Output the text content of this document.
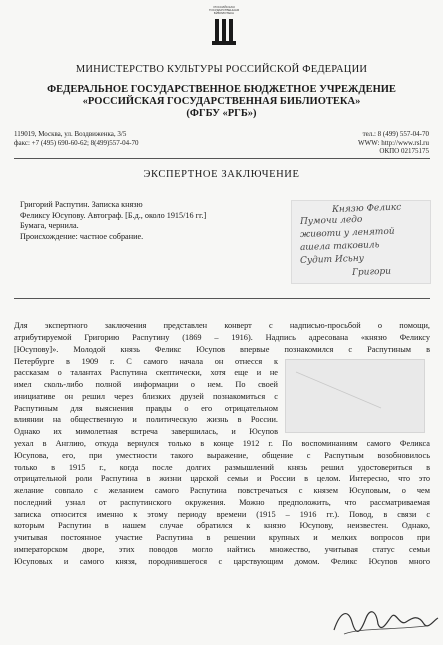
РОССИЙСКАЯ
ГОСУДАРСТВЕННАЯ
БИБЛИОТЕКА
МИНИСТЕРСТВО КУЛЬТУРЫ РОССИЙСКОЙ ФЕДЕРАЦИИ
ФЕДЕРАЛЬНОЕ ГОСУДАРСТВЕННОЕ БЮДЖЕТНОЕ УЧРЕЖДЕНИЕ
«РОССИЙСКАЯ ГОСУДАРСТВЕННАЯ БИБЛИОТЕКА»
(ФГБУ «РГБ»)
119019, Москва, ул. Воздвиженка, 3/5
факс: +7 (495) 690-60-62; 8(499)557-04-70
тел.: 8 (499) 557-04-70
WWW: http://www.rsl.ru
ОКПО 02175175
ЭКСПЕРТНОЕ ЗАКЛЮЧЕНИЕ

Григорий Распутин. Записка князю

Феликсу Юсупову. Автограф. [Б.д., около 1915/16 гг.]

Бумага, чернила.

Происхождение: частное собрание.

Князю Феликс
Пумочи ледо
животи у ленятой
ашела таковиль
Судит Исьну
Григори
Для экспертного заключения представлен конверт с надписью-просьбой о помощи,
атрибутируемой Григорию Распутину (1869 – 1916). Надпись адресована «князю Феликсу
[Юсупову]». Молодой князь Феликс Юсупов впервые познакомился с Распутиным в
Петербурге в 1909 г. С самого начала он отнесся к
рассказам о талантах Распутина скептически, хотя еще и не
имел сколь-либо полной информации о нем. По своей
инициативе он решил через близких друзей познакомиться с
Распутиным для выяснения правды о его отрицательном
влиянии на общественную и политическую жизнь в России.
Однако их мимолетная встреча завершилась, и Юсупов
уехал в Англию, откуда вернулся только в конце 1912 г. По воспоминаниям самого Феликса
Юсупова, его, при уместности такого выражение, общение с Распутным возобновилось
только в 1915 г., когда после долгих размышлений князь решил удостовериться в
отрицательной роли Распутина в жизни царской семьи и России в целом. Интересно, что это
желание совпало с желанием самого Распутина повстречаться с князем Юсуповым, о чем
последний узнал от распутинского окружения. Можно предположить, что рассматриваемая
записка относится именно к этому периоду времени (1915 – 1916 гг.). Повод, в связи с
которым Распутин в нашем случае обратился к князю Юсупову, неизвестен. Однако,
учитывая постоянное участие Распутина в решении крупных и мелких вопросов при
императорском дворе, этих поводов могло найтись множество, учитывая статус семьи
Юсуповых и самого князя, породнившегося с царствующим домом. Феликс Юсупов много
